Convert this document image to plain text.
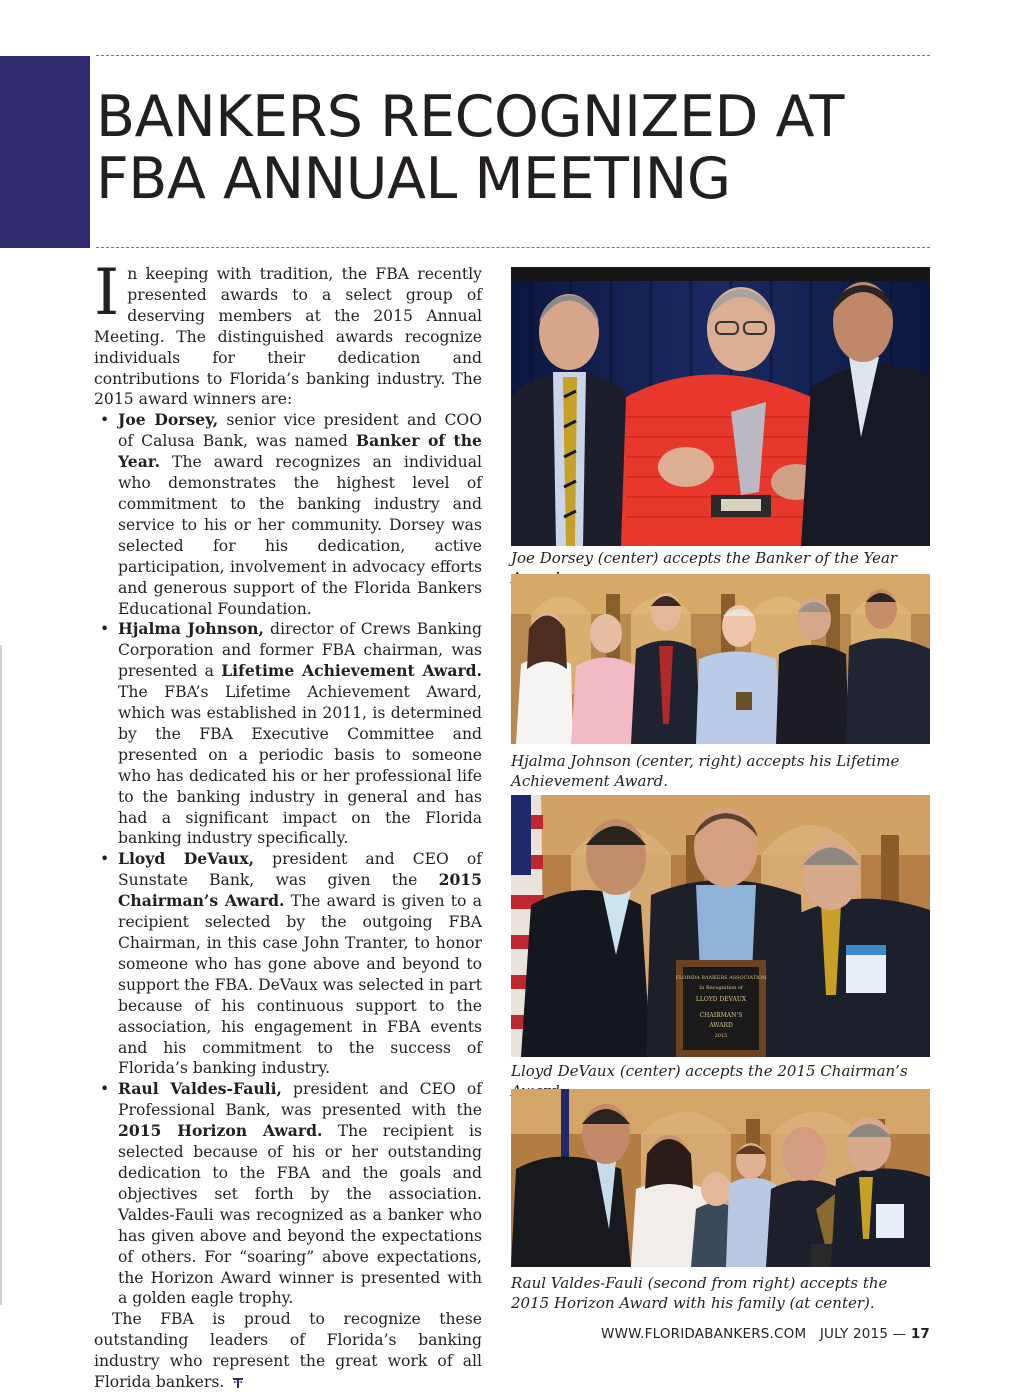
BANKERS RECOGNIZED AT
FBA ANNUAL MEETING

In keeping with tradition, the FBA recently presented awards to a select group of deserving members at the 2015 Annual Meeting. The distinguished awards recognize individuals for their dedication and contributions to Florida’s banking industry. The 2015 award winners are:

• Joe Dorsey, senior vice president and COO of Calusa Bank, was named Banker of the Year. The award recognizes an individual who demonstrates the highest level of commitment to the banking industry and service to his or her community. Dorsey was selected for his dedication, active participation, involvement in advocacy efforts and generous support of the Florida Bankers Educational Foundation.
• Hjalma Johnson, director of Crews Banking Corporation and former FBA chairman, was presented a Lifetime Achievement Award. The FBA’s Lifetime Achievement Award, which was established in 2011, is determined by the FBA Executive Committee and presented on a periodic basis to someone who has dedicated his or her professional life to the banking industry in general and has had a significant impact on the Florida banking industry specifically.
• Lloyd DeVaux, president and CEO of Sunstate Bank, was given the 2015 Chairman’s Award. The award is given to a recipient selected by the outgoing FBA Chairman, in this case John Tranter, to honor someone who has gone above and beyond to support the FBA. DeVaux was selected in part because of his continuous support to the association, his engagement in FBA events and his commitment to the success of Florida’s banking industry.
• Raul Valdes-Fauli, president and CEO of Professional Bank, was presented with the 2015 Horizon Award. The recipient is selected because of his or her outstanding dedication to the FBA and the goals and objectives set forth by the association. Valdes-Fauli was recognized as a banker who has given above and beyond the expectations of others. For “soaring” above expectations, the Horizon Award winner is presented with a golden eagle trophy.

The FBA is proud to recognize these outstanding leaders of Florida’s banking industry who represent the great work of all Florida bankers.

Joe Dorsey (center) accepts the Banker of the Year

Hjalma Johnson (center, right) accepts his Lifetime Achievement Award.

FLORIDA BANKERS ASSOCIATION
In Recognition of
LLOYD DEVAUX
CHAIRMAN’S
AWARD
2015

Lloyd DeVaux (center) accepts the 2015 Chairman’s

Raul Valdes-Fauli (second from right) accepts the 2015 Horizon Award with his family (at center).

WWW.FLORIDABANKERS.COM JULY 2015 — 17
